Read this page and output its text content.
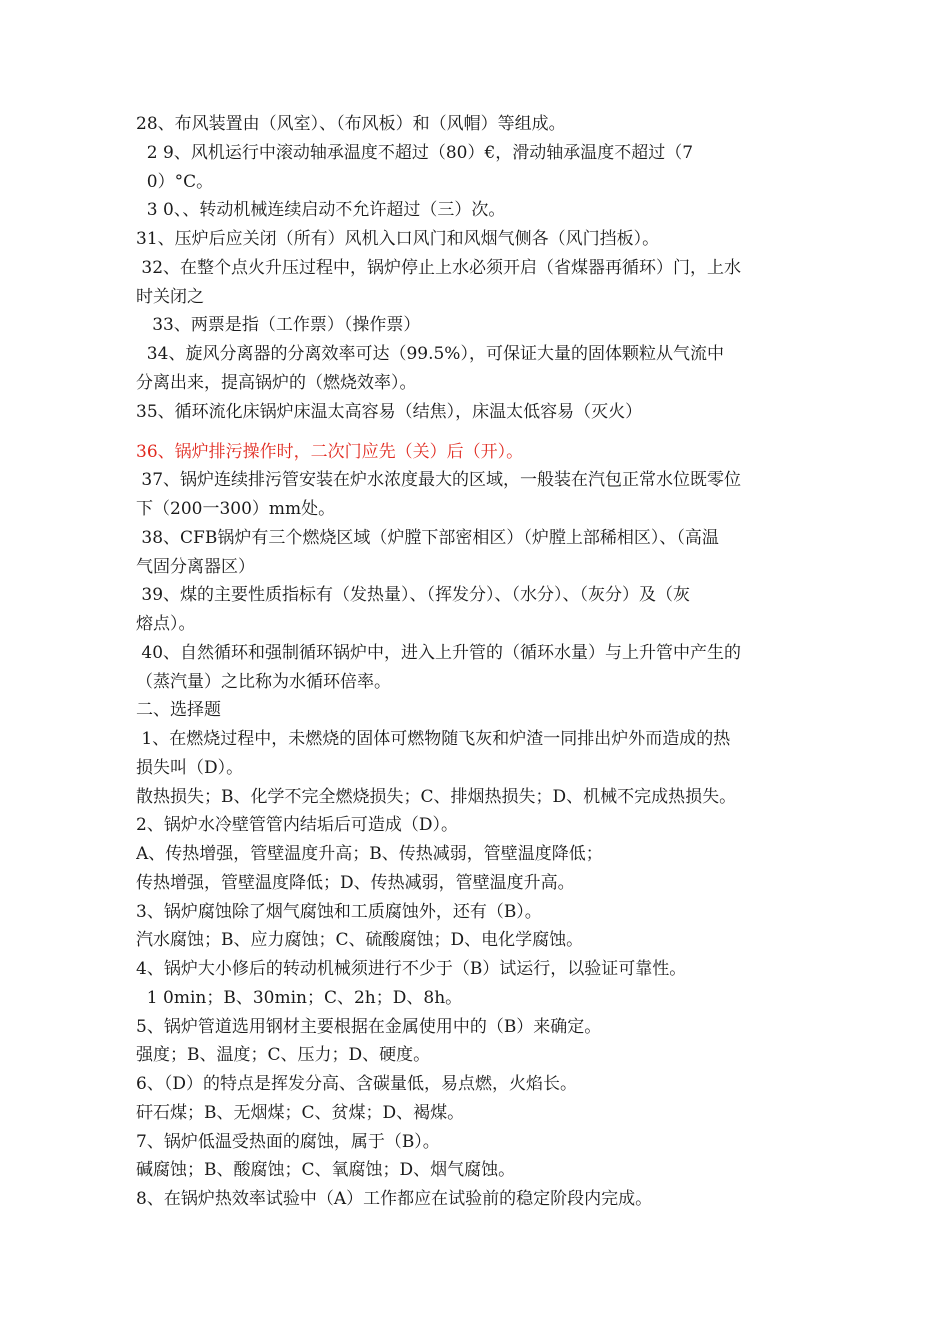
28、布风装置由（风室）、（布风板）和（风帽）等组成。
2 9、风机运行中滚动轴承温度不超过（80）€，滑动轴承温度不超过（7
0）°C。
3 0、、转动机械连续启动不允许超过（三）次。
31、压炉后应关闭（所有）风机入口风门和风烟气侧各（风门挡板）。
32、在整个点火升压过程中，锅炉停止上水必须开启（省煤器再循环）门，上水
时关闭之
33、两票是指（工作票）（操作票）
34、旋风分离器的分离效率可达（99.5%），可保证大量的固体颗粒从气流中
分离出来，提高锅炉的（燃烧效率）。
35、循环流化床锅炉床温太高容易（结焦），床温太低容易（灭火）
36、锅炉排污操作时，二次门应先（关）后（开）。
37、锅炉连续排污管安装在炉水浓度最大的区域，一般装在汽包正常水位既零位
下（200一300）mm处。
38、CFB锅炉有三个燃烧区域（炉膛下部密相区）（炉膛上部稀相区）、（高温
气固分离器区）
39、煤的主要性质指标有（发热量）、（挥发分）、（水分）、（灰分）及（灰
熔点）。
40、自然循环和强制循环锅炉中，进入上升管的（循环水量）与上升管中产生的
（蒸汽量）之比称为水循环倍率。
二、选择题
1、在燃烧过程中，未燃烧的固体可燃物随飞灰和炉渣一同排出炉外而造成的热
损失叫（D）。
散热损失；B、化学不完全燃烧损失；C、排烟热损失；D、机械不完成热损失。
2、锅炉水冷壁管管内结垢后可造成（D）。
A、传热增强，管壁温度升高；B、传热减弱，管壁温度降低；
传热增强，管壁温度降低；D、传热减弱，管壁温度升高。
3、锅炉腐蚀除了烟气腐蚀和工质腐蚀外，还有（B）。
汽水腐蚀；B、应力腐蚀；C、硫酸腐蚀；D、电化学腐蚀。
4、锅炉大小修后的转动机械须进行不少于（B）试运行，以验证可靠性。
1 0min；B、30min；C、2h；D、8h。
5、锅炉管道选用钢材主要根据在金属使用中的（B）来确定。
强度；B、温度；C、压力；D、硬度。
6、（D）的特点是挥发分高、含碳量低，易点燃，火焰长。
矸石煤；B、无烟煤；C、贫煤；D、褐煤。
7、锅炉低温受热面的腐蚀，属于（B）。
碱腐蚀；B、酸腐蚀；C、氧腐蚀；D、烟气腐蚀。
8、在锅炉热效率试验中（A）工作都应在试验前的稳定阶段内完成。
